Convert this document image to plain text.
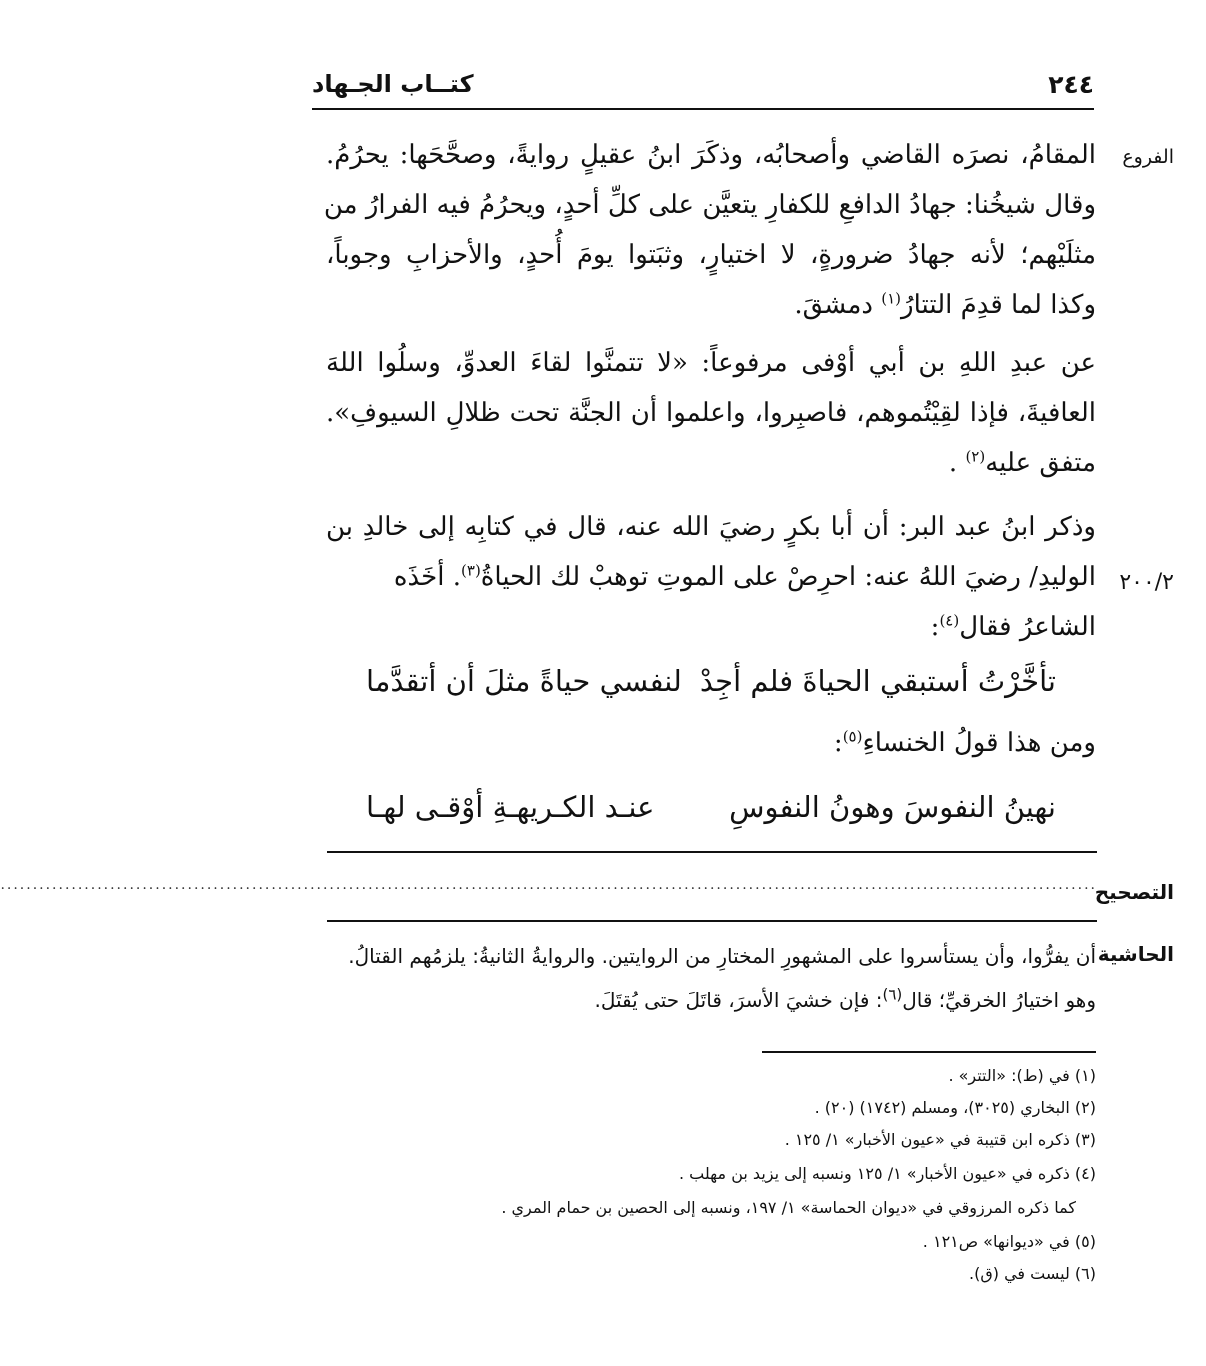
٢٤٤
كتــاب الجـهاد
الفروع
٢٠٠/٢
التصحيح
الحاشية
المقامُ، نصرَه القاضي وأصحابُه، وذكَرَ ابنُ عقيلٍ روايةً، وصحَّحَها: يحرُمُ.
وقال شيخُنا: جهادُ الدافعِ للكفارِ يتعيَّن على كلِّ أحدٍ، ويحرُمُ فيه الفرارُ من
مثلَيْهم؛ لأنه جهادُ ضرورةٍ، لا اختيارٍ، وثبَتوا يومَ أُحدٍ، والأحزابِ وجوباً،
وكذا لما قدِمَ التتارُ$^{(١)}$ دمشقَ.
عن عبدِ اللهِ بن أبي أوْفى مرفوعاً: «لا تتمنَّوا لقاءَ العدوِّ، وسلُوا اللهَ
العافيةَ، فإذا لقِيْتُموهم، فاصبِروا، واعلموا أن الجنَّة تحت ظلالِ السيوفِ».
متفق عليه$^{(٢)}$ .
وذكر ابنُ عبد البر: أن أبا بكرٍ رضيَ الله عنه، قال في كتابِه إلى خالدِ بن
الوليدِ/ رضيَ اللهُ عنه: احرِصْ على الموتِ توهبْ لك الحياةُ$^{(٣)}$. أخَذَه
الشاعرُ فقال$^{(٤)}$:
تأخَّرْتُ أستبقي الحياةَ فلم أجِدْ
لنفسي حياةً مثلَ أن أتقدَّما
ومن هذا قولُ الخنساءِ$^{(٥)}$:
نهينُ النفوسَ وهونُ النفوسِ
عنـد الكـريهـةِ أوْقـى لهـا
..........................................................................................................................................................................
أن يفرُّوا، وأن يستأسروا على المشهورِ المختارِ من الروايتين. والروايةُ الثانيةُ: يلزمُهم القتالُ.
وهو اختيارُ الخرقيِّ؛ قال$^{(٦)}$: فإن خشيَ الأسرَ، قاتَلَ حتى يُقتَلَ.
(١) في (ط): «التتر» .
(٢) البخاري (٣٠٢٥)، ومسلم (١٧٤٢) (٢٠) .
(٣) ذكره ابن قتيبة في «عيون الأخبار» ١/ ١٢٥ .
(٤) ذكره في «عيون الأخبار» ١/ ١٢٥ ونسبه إلى يزيد بن مهلب .
كما ذكره المرزوقي في «ديوان الحماسة» ١/ ١٩٧، ونسبه إلى الحصين بن حمام المري .
(٥) في «ديوانها» ص١٢١ .
(٦) ليست في (ق).
